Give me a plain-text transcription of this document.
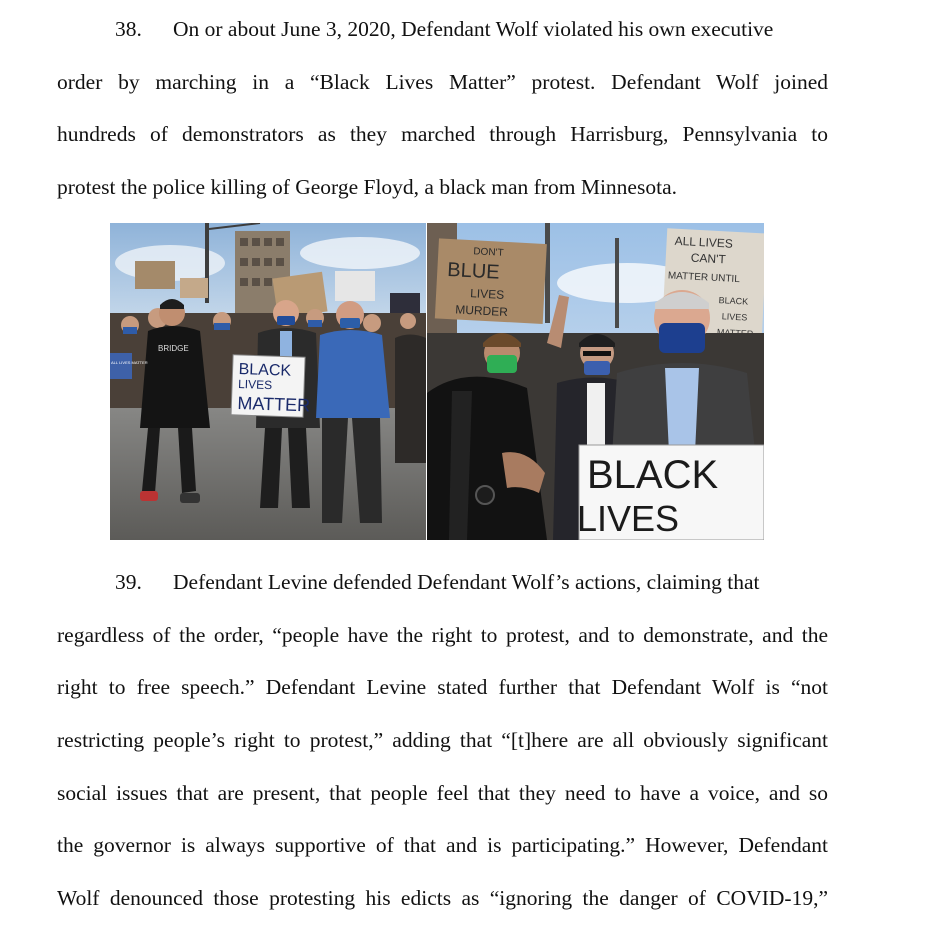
38. On or about June 3, 2020, Defendant Wolf violated his own executive
order by marching in a “Black Lives Matter” protest. Defendant Wolf joined
hundreds of demonstrators as they marched through Harrisburg, Pennsylvania to
protest the police killing of George Floyd, a black man from Minnesota.
BRIDGE
BLACK
LIVES
MATTER
ALL LIVES MATTER
DON'T
BLUE
LIVES
MURDER
ALL LIVES
CAN'T
MATTER UNTIL
BLACK
LIVES
BLACK
LIVES
39. Defendant Levine defended Defendant Wolf’s actions, claiming that
regardless of the order, “people have the right to protest, and to demonstrate, and the
right to free speech.” Defendant Levine stated further that Defendant Wolf is “not
restricting people’s right to protest,” adding that “[t]here are all obviously significant
social issues that are present, that people feel that they need to have a voice, and so
the governor is always supportive of that and is participating.” However, Defendant
Wolf denounced those protesting his edicts as “ignoring the danger of COVID-19,”
